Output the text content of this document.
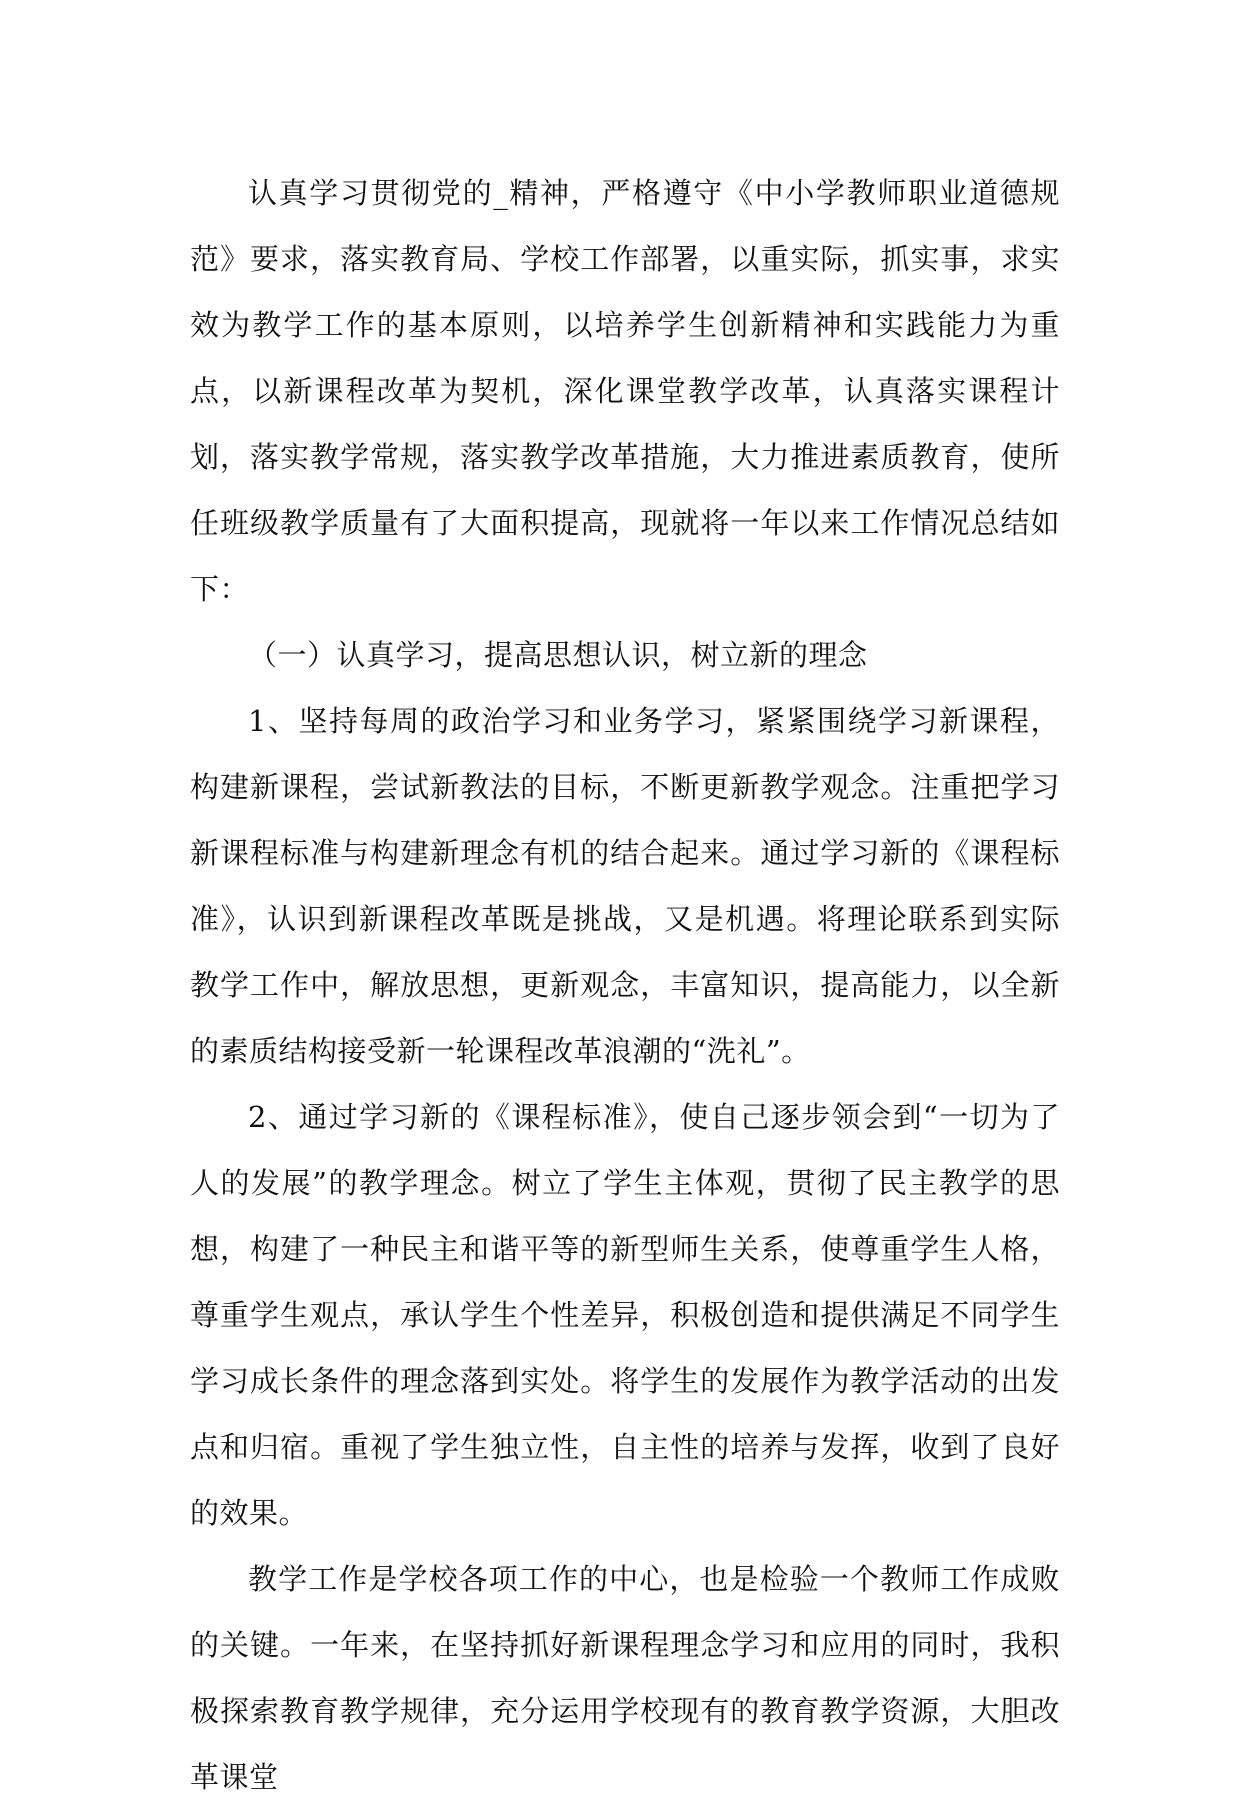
认真学习贯彻党的_精神，严格遵守《中小学教师职业道德规范》要求，落实教育局、学校工作部署，以重实际，抓实事，求实效为教学工作的基本原则，以培养学生创新精神和实践能力为重点，以新课程改革为契机，深化课堂教学改革，认真落实课程计划，落实教学常规，落实教学改革措施，大力推进素质教育，使所任班级教学质量有了大面积提高，现就将一年以来工作情况总结如下：

（一）认真学习，提高思想认识，树立新的理念

1、坚持每周的政治学习和业务学习，紧紧围绕学习新课程，构建新课程，尝试新教法的目标，不断更新教学观念。注重把学习新课程标准与构建新理念有机的结合起来。通过学习新的《课程标准》，认识到新课程改革既是挑战，又是机遇。将理论联系到实际教学工作中，解放思想，更新观念，丰富知识，提高能力，以全新的素质结构接受新一轮课程改革浪潮的“洗礼”。

2、通过学习新的《课程标准》，使自己逐步领会到“一切为了人的发展”的教学理念。树立了学生主体观，贯彻了民主教学的思想，构建了一种民主和谐平等的新型师生关系，使尊重学生人格，尊重学生观点，承认学生个性差异，积极创造和提供满足不同学生学习成长条件的理念落到实处。将学生的发展作为教学活动的出发点和归宿。重视了学生独立性，自主性的培养与发挥，收到了良好的效果。

教学工作是学校各项工作的中心，也是检验一个教师工作成败的关键。一年来，在坚持抓好新课程理念学习和应用的同时，我积极探索教育教学规律，充分运用学校现有的教育教学资源，大胆改革课堂
